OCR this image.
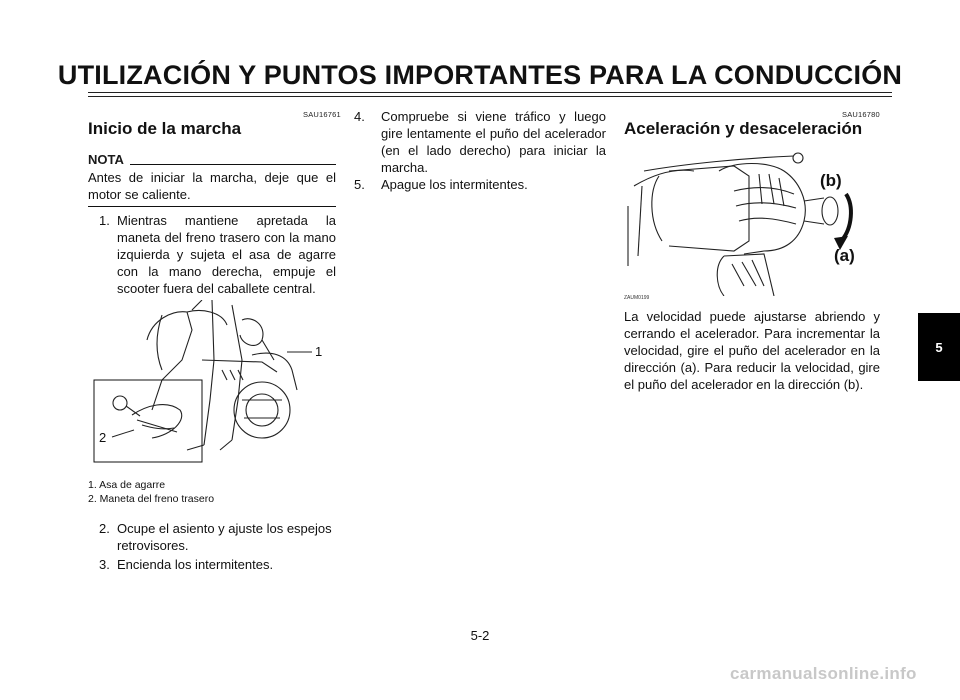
UTILIZACIÓN Y PUNTOS IMPORTANTES PARA LA CONDUCCIÓN
SAU16761
Inicio de la marcha
NOTA
Antes de iniciar la marcha, deje que el motor se caliente.
1. Mientras mantiene apretada la maneta del freno trasero con la mano izquierda y sujeta el asa de agarre con la mano derecha, empuje el scooter fuera del caballete central.
1
2
1. Asa de agarre
2. Maneta del freno trasero
2. Ocupe el asiento y ajuste los espejos retrovisores.
3. Encienda los intermitentes.
4.	Compruebe si viene tráfico y luego gire lentamente el puño del acelerador (en el lado derecho) para iniciar la marcha.
5.	Apague los intermitentes.
SAU16780
Aceleración y desaceleración
(b)
(a)
ZAUM0199
La velocidad puede ajustarse abriendo y cerrando el acelerador. Para incrementar la velocidad, gire el puño del acelerador en la dirección (a). Para reducir la velocidad, gire el puño del acelerador en la dirección (b).
5
5-2
carmanualsonline.info
